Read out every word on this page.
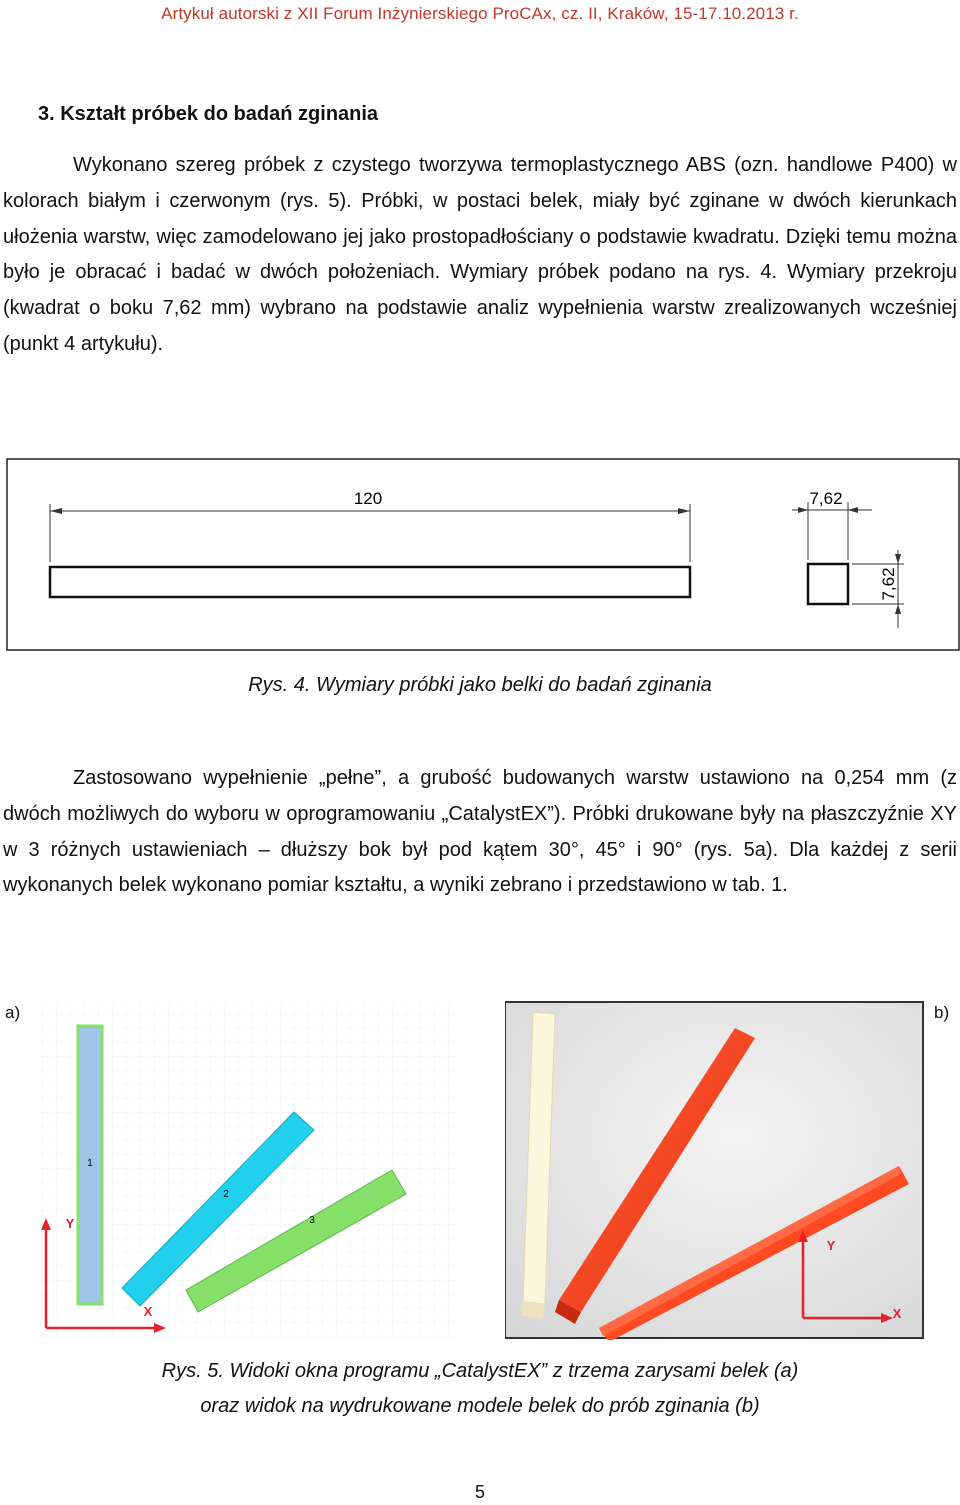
Artykuł autorski z XII Forum Inżynierskiego ProCAx, cz. II, Kraków, 15-17.10.2013 r.
3. Kształt próbek do badań zginania
Wykonano szereg próbek z czystego tworzywa termoplastycznego ABS (ozn. handlowe P400) w kolorach białym i czerwonym (rys. 5). Próbki, w postaci belek, miały być zginane w dwóch kierunkach ułożenia warstw, więc zamodelowano jej jako prostopadłościany o podstawie kwadratu. Dzięki temu można było je obracać i badać w dwóch położeniach. Wymiary próbek podano na rys. 4. Wymiary przekroju (kwadrat o boku 7,62 mm) wybrano na podstawie analiz wypełnienia warstw zrealizowanych wcześniej (punkt 4 artykułu).
120	7,62
7,62
Rys. 4. Wymiary próbki jako belki do badań zginania
Zastosowano wypełnienie „pełne”, a grubość budowanych warstw ustawiono na 0,254 mm (z dwóch możliwych do wyboru w oprogramowaniu „CatalystEX”). Próbki drukowane były na płaszczyźnie XY w 3 różnych ustawieniach – dłuższy bok był pod kątem 30°, 45° i 90° (rys. 5a). Dla każdej z serii wykonanych belek wykonano pomiar kształtu, a wyniki zebrano i przedstawiono w tab. 1.
a)
1
2
3
Y
X
b)
Y
X
Rys. 5. Widoki okna programu „CatalystEX” z trzema zarysami belek (a)
oraz widok na wydrukowane modele belek do prób zginania (b)
5
